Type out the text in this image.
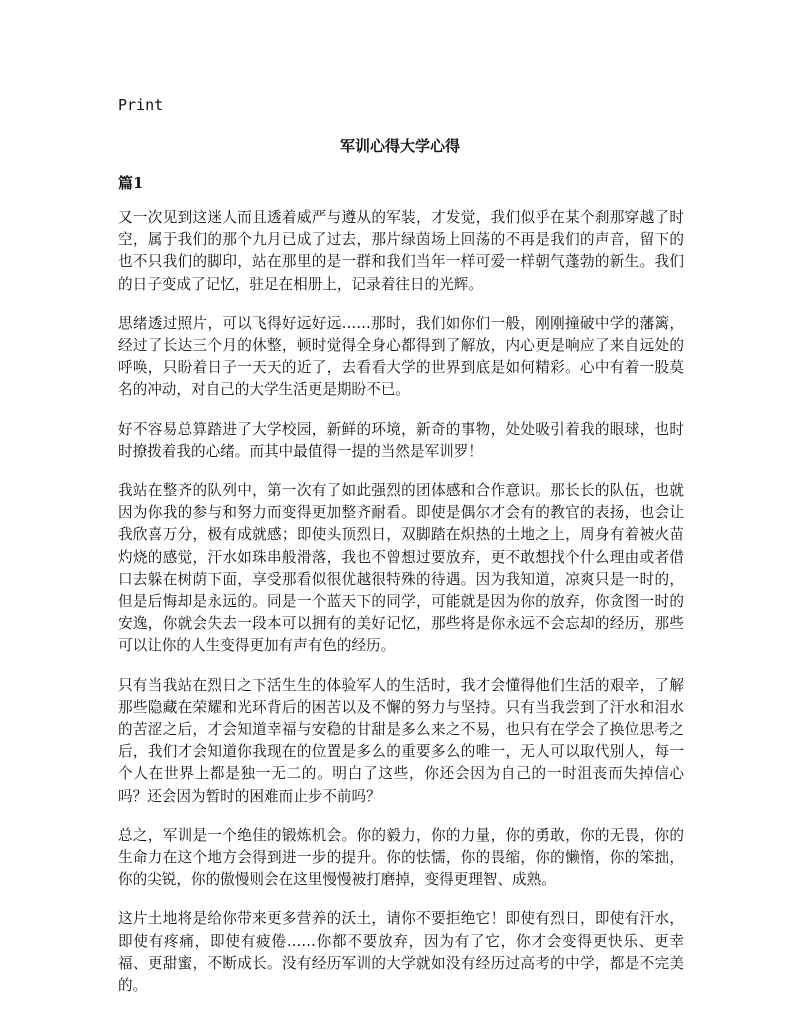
Print
军训心得大学心得
篇1

又一次见到这迷人而且透着威严与遵从的军装，才发觉，我们似乎在某个刹那穿越了时空，属于我们的那个九月已成了过去，那片绿茵场上回荡的不再是我们的声音，留下的也不只我们的脚印，站在那里的是一群和我们当年一样可爱一样朝气蓬勃的新生。我们的日子变成了记忆，驻足在相册上，记录着往日的光辉。

思绪透过照片，可以飞得好远好远……那时，我们如你们一般，刚刚撞破中学的藩篱，经过了长达三个月的休整，顿时觉得全身心都得到了解放，内心更是响应了来自远处的呼唤，只盼着日子一天天的近了，去看看大学的世界到底是如何精彩。心中有着一股莫名的冲动，对自己的大学生活更是期盼不已。

好不容易总算踏进了大学校园，新鲜的环境，新奇的事物，处处吸引着我的眼球，也时时撩拨着我的心绪。而其中最值得一提的当然是军训罗！

我站在整齐的队列中，第一次有了如此强烈的团体感和合作意识。那长长的队伍，也就因为你我的参与和努力而变得更加整齐耐看。即使是偶尔才会有的教官的表扬，也会让我欣喜万分，极有成就感；即使头顶烈日，双脚踏在炽热的土地之上，周身有着被火苗灼烧的感觉，汗水如珠串般滑落，我也不曾想过要放弃，更不敢想找个什么理由或者借口去躲在树荫下面，享受那看似很优越很特殊的待遇。因为我知道，凉爽只是一时的，但是后悔却是永远的。同是一个蓝天下的同学，可能就是因为你的放弃，你贪图一时的安逸，你就会失去一段本可以拥有的美好记忆，那些将是你永远不会忘却的经历，那些可以让你的人生变得更加有声有色的经历。

只有当我站在烈日之下活生生的体验军人的生活时，我才会懂得他们生活的艰辛，了解那些隐藏在荣耀和光环背后的困苦以及不懈的努力与坚持。只有当我尝到了汗水和泪水的苦涩之后，才会知道幸福与安稳的甘甜是多么来之不易，也只有在学会了换位思考之后，我们才会知道你我现在的位置是多么的重要多么的唯一，无人可以取代别人，每一个人在世界上都是独一无二的。明白了这些，你还会因为自己的一时沮丧而失掉信心吗？还会因为暂时的困难而止步不前吗？

总之，军训是一个绝佳的锻炼机会。你的毅力，你的力量，你的勇敢，你的无畏，你的生命力在这个地方会得到进一步的提升。你的怯懦，你的畏缩，你的懒惰，你的笨拙，你的尖锐，你的傲慢则会在这里慢慢被打磨掉，变得更理智、成熟。

这片土地将是给你带来更多营养的沃土，请你不要拒绝它！即使有烈日，即使有汗水，即使有疼痛，即使有疲倦……你都不要放弃，因为有了它，你才会变得更快乐、更幸福、更甜蜜，不断成长。没有经历军训的大学就如没有经历过高考的中学，都是不完美的。
